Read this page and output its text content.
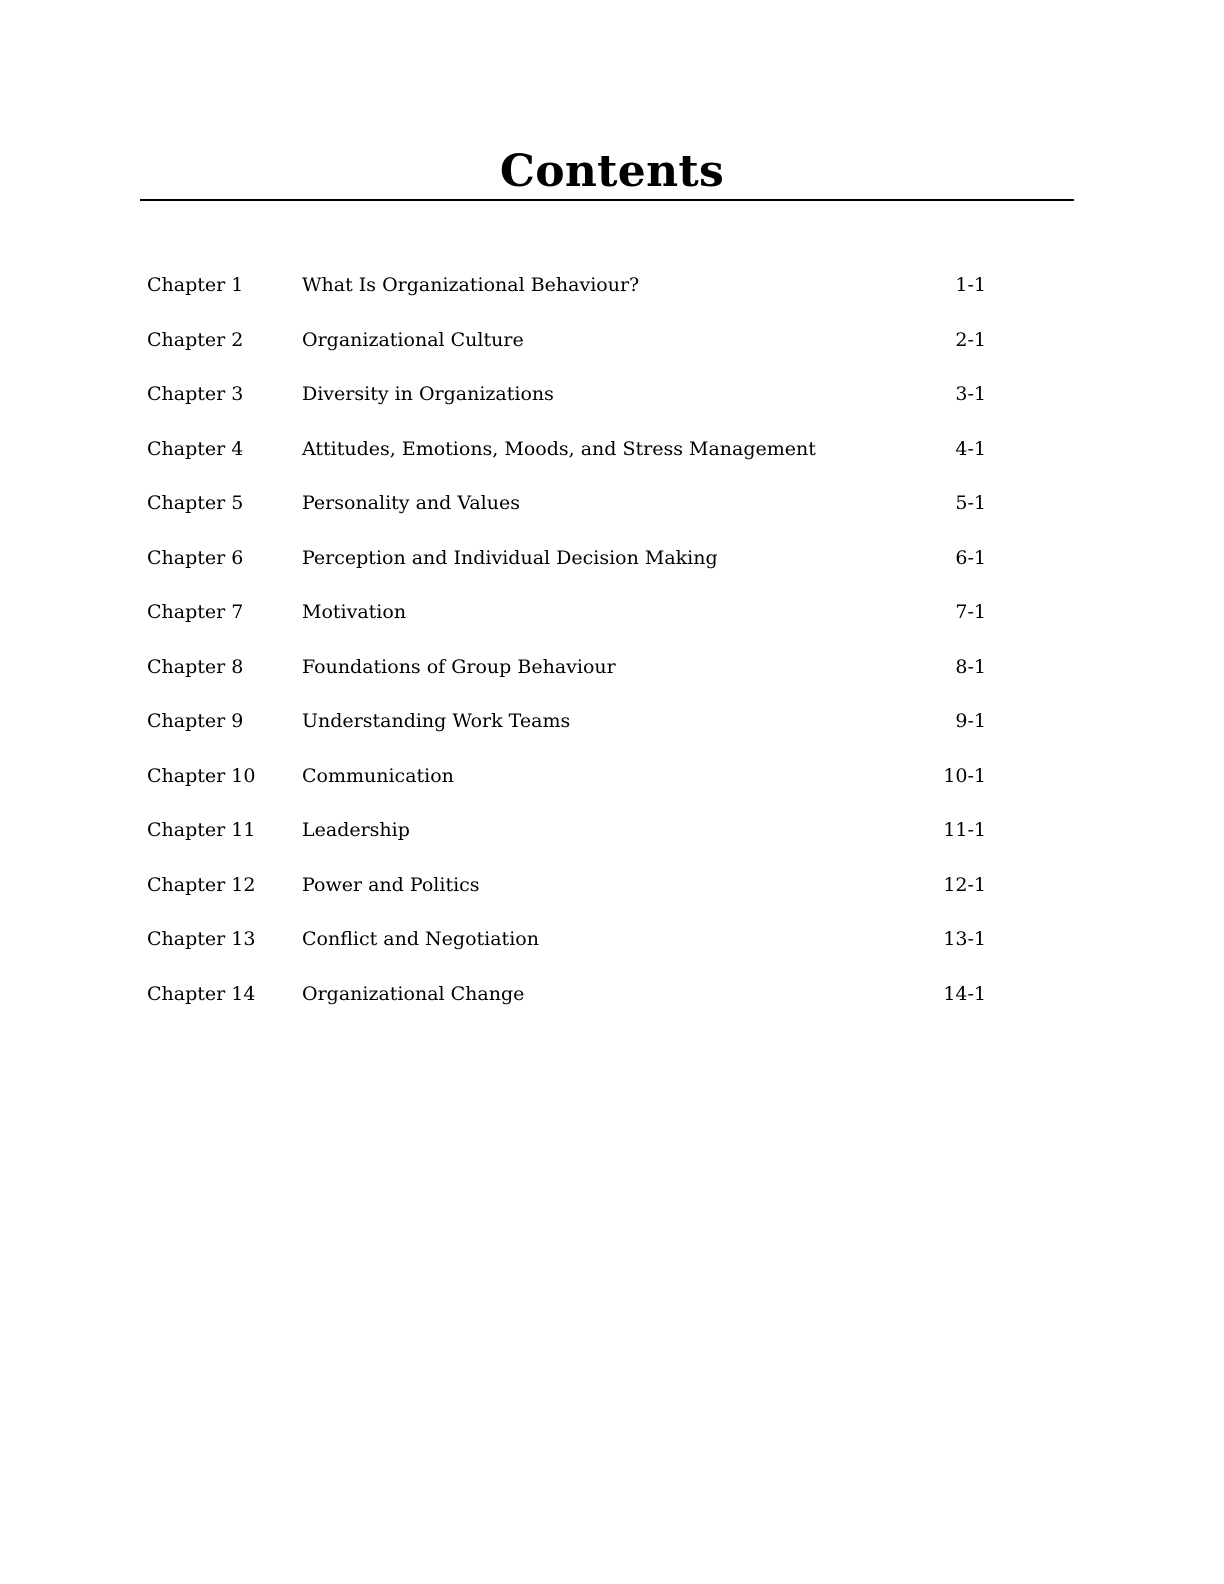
Contents
Chapter 1	What Is Organizational Behaviour?	1-1
Chapter 2	Organizational Culture	2-1
Chapter 3	Diversity in Organizations	3-1
Chapter 4	Attitudes, Emotions, Moods, and Stress Management	4-1
Chapter 5	Personality and Values	5-1
Chapter 6	Perception and Individual Decision Making	6-1
Chapter 7	Motivation	7-1
Chapter 8	Foundations of Group Behaviour	8-1
Chapter 9	Understanding Work Teams	9-1
Chapter 10	Communication	10-1
Chapter 11	Leadership	11-1
Chapter 12	Power and Politics	12-1
Chapter 13	Conflict and Negotiation	13-1
Chapter 14	Organizational Change	14-1
